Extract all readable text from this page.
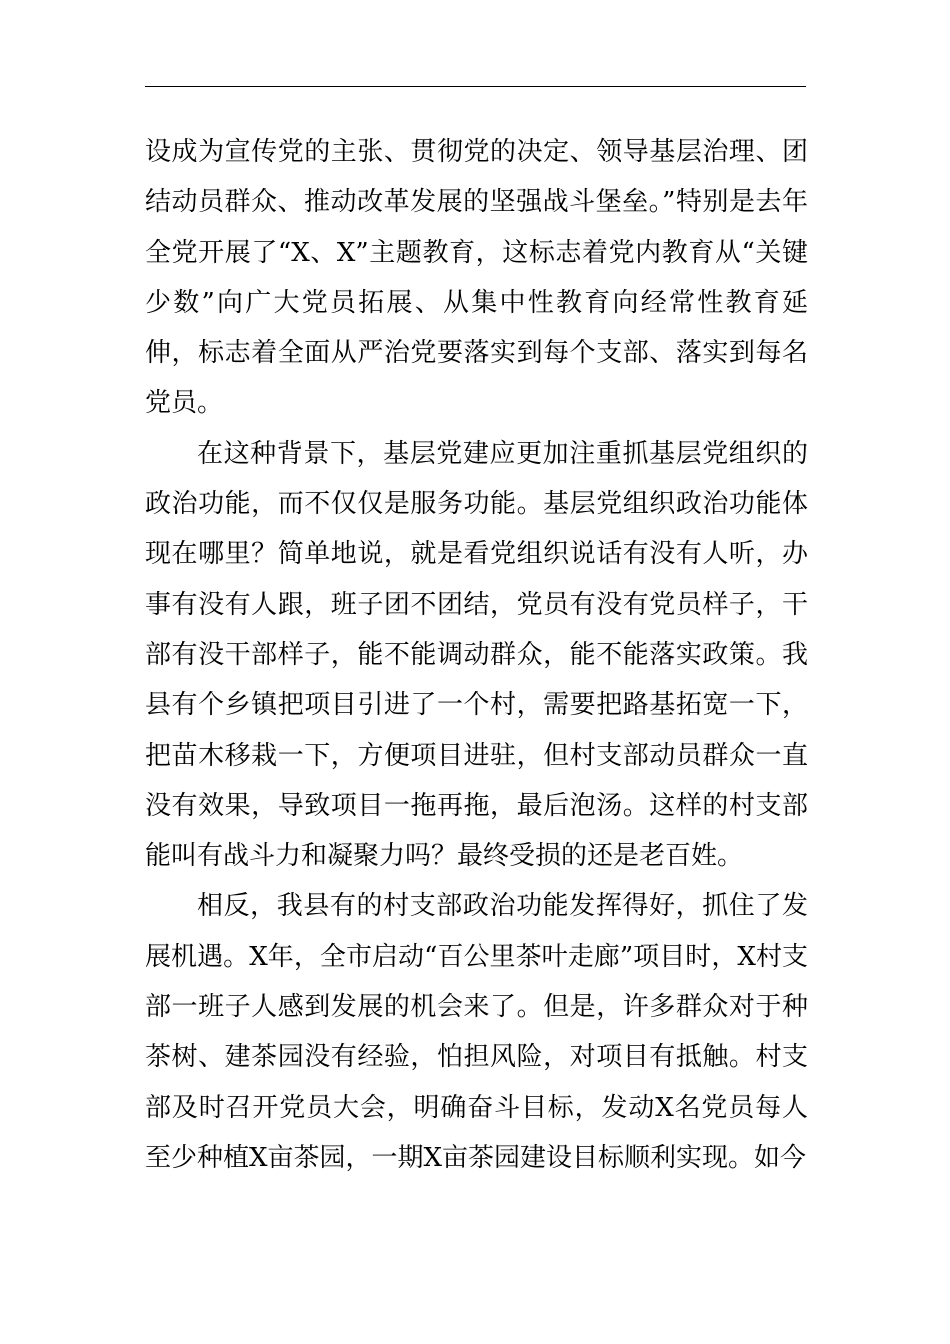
设成为宣传党的主张、贯彻党的决定、领导基层治理、团结动员群众、推动改革发展的坚强战斗堡垒。”特别是去年全党开展了“X、X”主题教育，这标志着党内教育从“关键少数”向广大党员拓展、从集中性教育向经常性教育延伸，标志着全面从严治党要落实到每个支部、落实到每名党员。

在这种背景下，基层党建应更加注重抓基层党组织的政治功能，而不仅仅是服务功能。基层党组织政治功能体现在哪里？简单地说，就是看党组织说话有没有人听，办事有没有人跟，班子团不团结，党员有没有党员样子，干部有没干部样子，能不能调动群众，能不能落实政策。我县有个乡镇把项目引进了一个村，需要把路基拓宽一下，把苗木移栽一下，方便项目进驻，但村支部动员群众一直没有效果，导致项目一拖再拖，最后泡汤。这样的村支部能叫有战斗力和凝聚力吗？最终受损的还是老百姓。

相反，我县有的村支部政治功能发挥得好，抓住了发展机遇。X年，全市启动“百公里茶叶走廊”项目时，X村支部一班子人感到发展的机会来了。但是，许多群众对于种茶树、建茶园没有经验，怕担风险，对项目有抵触。村支部及时召开党员大会，明确奋斗目标，发动X名党员每人至少种植X亩茶园，一期X亩茶园建设目标顺利实现。如今
